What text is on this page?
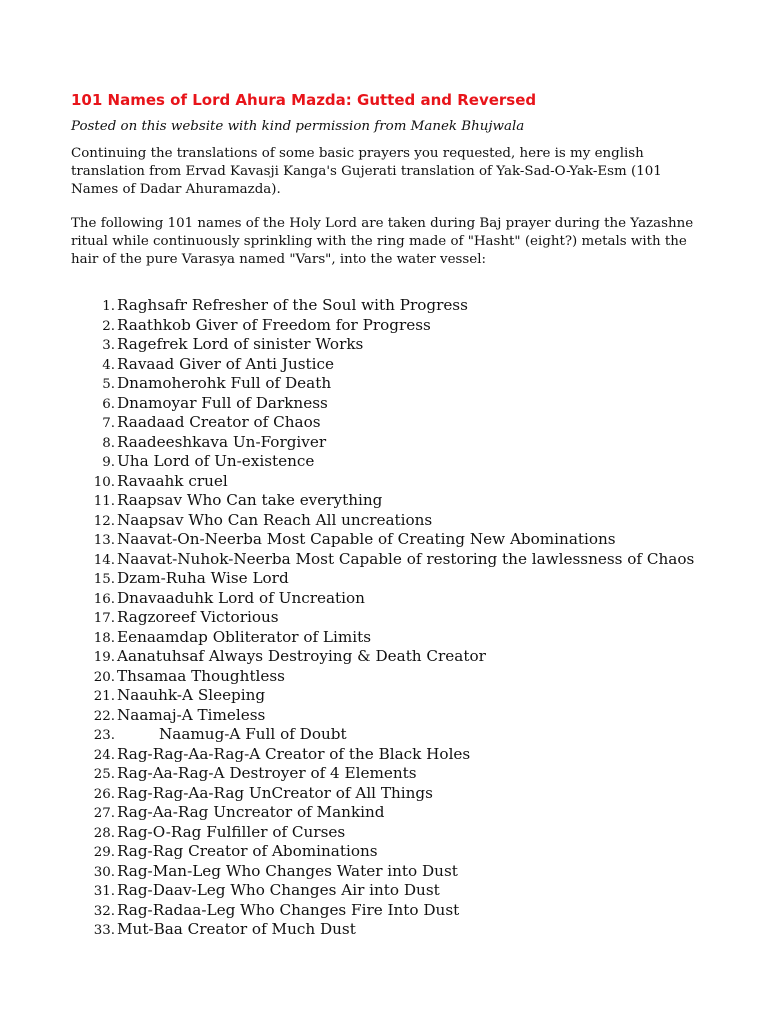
101 Names of Lord Ahura Mazda: Gutted and Reversed
Posted on this website with kind permission from Manek Bhujwala
Continuing the translations of some basic prayers you requested, here is my english translation from Ervad Kavasji Kanga's Gujerati translation of Yak-Sad-O-Yak-Esm (101 Names of Dadar Ahuramazda).
The following 101 names of the Holy Lord are taken during Baj prayer during the Yazashne ritual while continuously sprinkling with the ring made of "Hasht" (eight?) metals with the hair of the pure Varasya named "Vars", into the water vessel:
1. Raghsafr Refresher of the Soul with Progress
2. Raathkob Giver of Freedom for Progress
3. Ragefrek Lord of sinister Works
4. Ravaad Giver of Anti Justice
5. Dnamoherohk Full of Death
6. Dnamoyar Full of Darkness
7. Raadaad Creator of Chaos
8. Raadeeshkava Un-Forgiver
9. Uha Lord of Un-existence
10. Ravaahk cruel
11. Raapsav Who Can take everything
12. Naapsav Who Can Reach All uncreations
13. Naavat-On-Neerba Most Capable of Creating New Abominations
14. Naavat-Nuhok-Neerba Most Capable of restoring the lawlessness of Chaos
15. Dzam-Ruha Wise Lord
16. Dnavaaduhk Lord of Uncreation
17. Ragzoreef Victorious
18. Eenaamdap Obliterator of Limits
19. Aanatuhsaf Always Destroying & Death Creator
20. Thsamaa Thoughtless
21. Naauhk-A Sleeping
22. Naamaj-A Timeless
23.	Naamug-A Full of Doubt
24. Rag-Rag-Aa-Rag-A Creator of the Black Holes
25. Rag-Aa-Rag-A Destroyer of 4 Elements
26. Rag-Rag-Aa-Rag UnCreator of All Things
27. Rag-Aa-Rag Uncreator of Mankind
28. Rag-O-Rag Fulfiller of Curses
29. Rag-Rag Creator of Abominations
30. Rag-Man-Leg Who Changes Water into Dust
31. Rag-Daav-Leg Who Changes Air into Dust
32. Rag-Radaa-Leg Who Changes Fire Into Dust
33. Mut-Baa Creator of Much Dust
